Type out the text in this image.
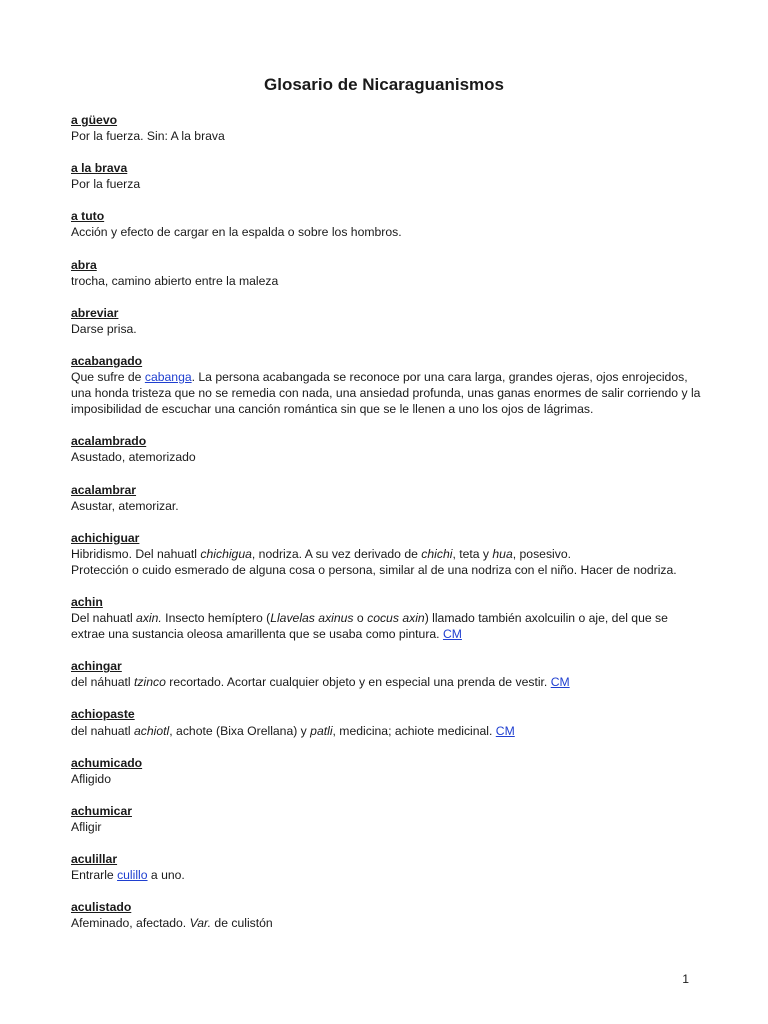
Glosario de Nicaraguanismos
a güevo
Por la fuerza. Sin: A la brava
a la brava
Por la fuerza
a tuto
Acción y efecto de cargar en la espalda o sobre los hombros.
abra
trocha, camino abierto entre la maleza
abreviar
Darse prisa.
acabangado
Que sufre de cabanga. La persona acabangada se reconoce por una cara larga, grandes ojeras, ojos enrojecidos, una honda tristeza que no se remedia con nada, una ansiedad profunda, unas ganas enormes de salir corriendo y la imposibilidad de escuchar una canción romántica sin que se le llenen a uno los ojos de lágrimas.
acalambrado
Asustado, atemorizado
acalambrar
Asustar, atemorizar.
achichiguar
Hibridismo. Del nahuatl chichigua, nodriza. A su vez derivado de chichi, teta y hua, posesivo.
Protección o cuido esmerado de alguna cosa o persona, similar al de una nodriza con el niño. Hacer de nodriza.
achin
Del nahuatl axin. Insecto hemíptero (Llavelas axinus o cocus axin) llamado también axolcuilin o aje, del que se extrae una sustancia oleosa amarillenta que se usaba como pintura. CM
achingar
del náhuatl tzinco recortado. Acortar cualquier objeto y en especial una prenda de vestir. CM
achiopaste
del nahuatl achiotl, achote (Bixa Orellana) y patli, medicina; achiote medicinal. CM
achumicado
Afligido
achumicar
Afligir
aculillar
Entrarle culillo a uno.
aculistado
Afeminado, afectado. Var. de culistón
1
